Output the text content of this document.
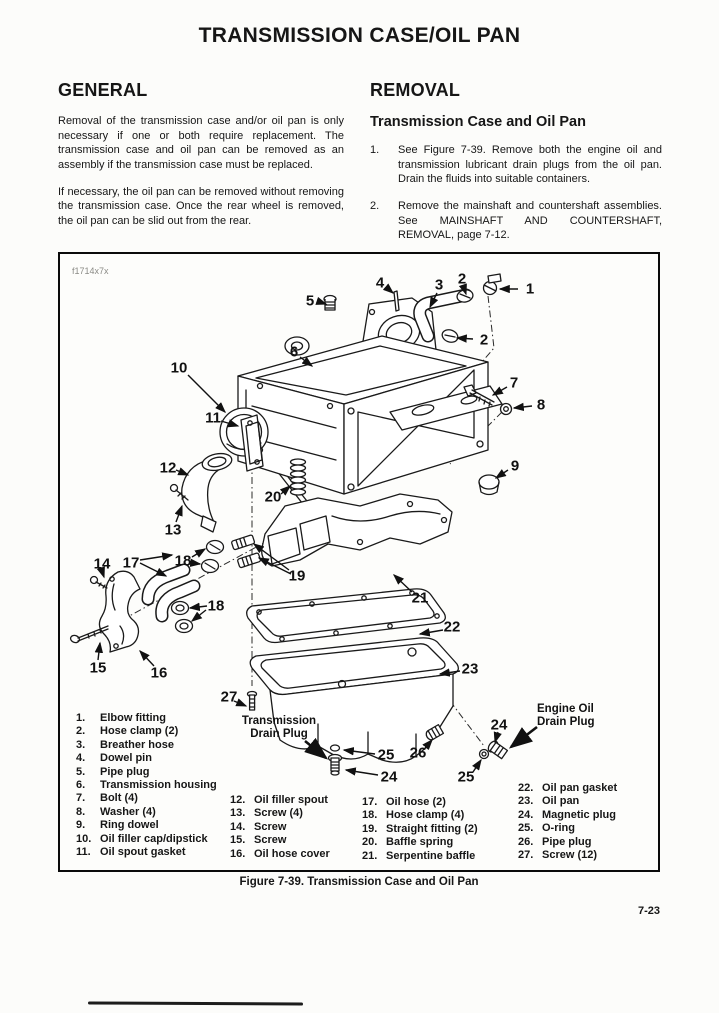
TRANSMISSION CASE/OIL PAN
GENERAL

Removal of the transmission case and/or oil pan is only necessary if one or both require replacement. The transmission case and oil pan can be removed as an assembly if the transmission case must be replaced.

If necessary, the oil pan can be removed without removing the transmission case. Once the rear wheel is removed, the oil pan can be slid out from the rear.

REMOVAL
Transmission Case and Oil Pan
1.	See Figure 7-39. Remove both the engine oil and transmission lubricant drain plugs from the oil pan. Drain the fluids into suitable containers.

2.	Remove the mainshaft and countershaft assemblies. See MAINSHAFT AND COUNTERSHAFT, REMOVAL, page 7-12.

f1714x7x
Transmission Drain Plug
Engine Oil Drain Plug
1
2
2
3
4
5
6
7
8
9
10
11
12
13
14
15	16
17 18
18
19
20
21
22
23
24
24
25
25
26
27
1.	Elbow fitting
2.	Hose clamp (2)
3.	Breather hose
4.	Dowel pin
5.	Pipe plug
6.	Transmission housing
7.	Bolt (4)
8.	Washer (4)
9.	Ring dowel
10. Oil filler cap/dipstick
11. Oil spout gasket
12. Oil filler spout
13. Screw (4)
14. Screw
15. Screw
16. Oil hose cover
17. Oil hose (2)
18. Hose clamp (4)
19. Straight fitting (2)
20. Baffle spring
21. Serpentine baffle
22. Oil pan gasket
23. Oil pan
24. Magnetic plug
25. O-ring
26. Pipe plug
27. Screw (12)
Figure 7-39. Transmission Case and Oil Pan
7-23
